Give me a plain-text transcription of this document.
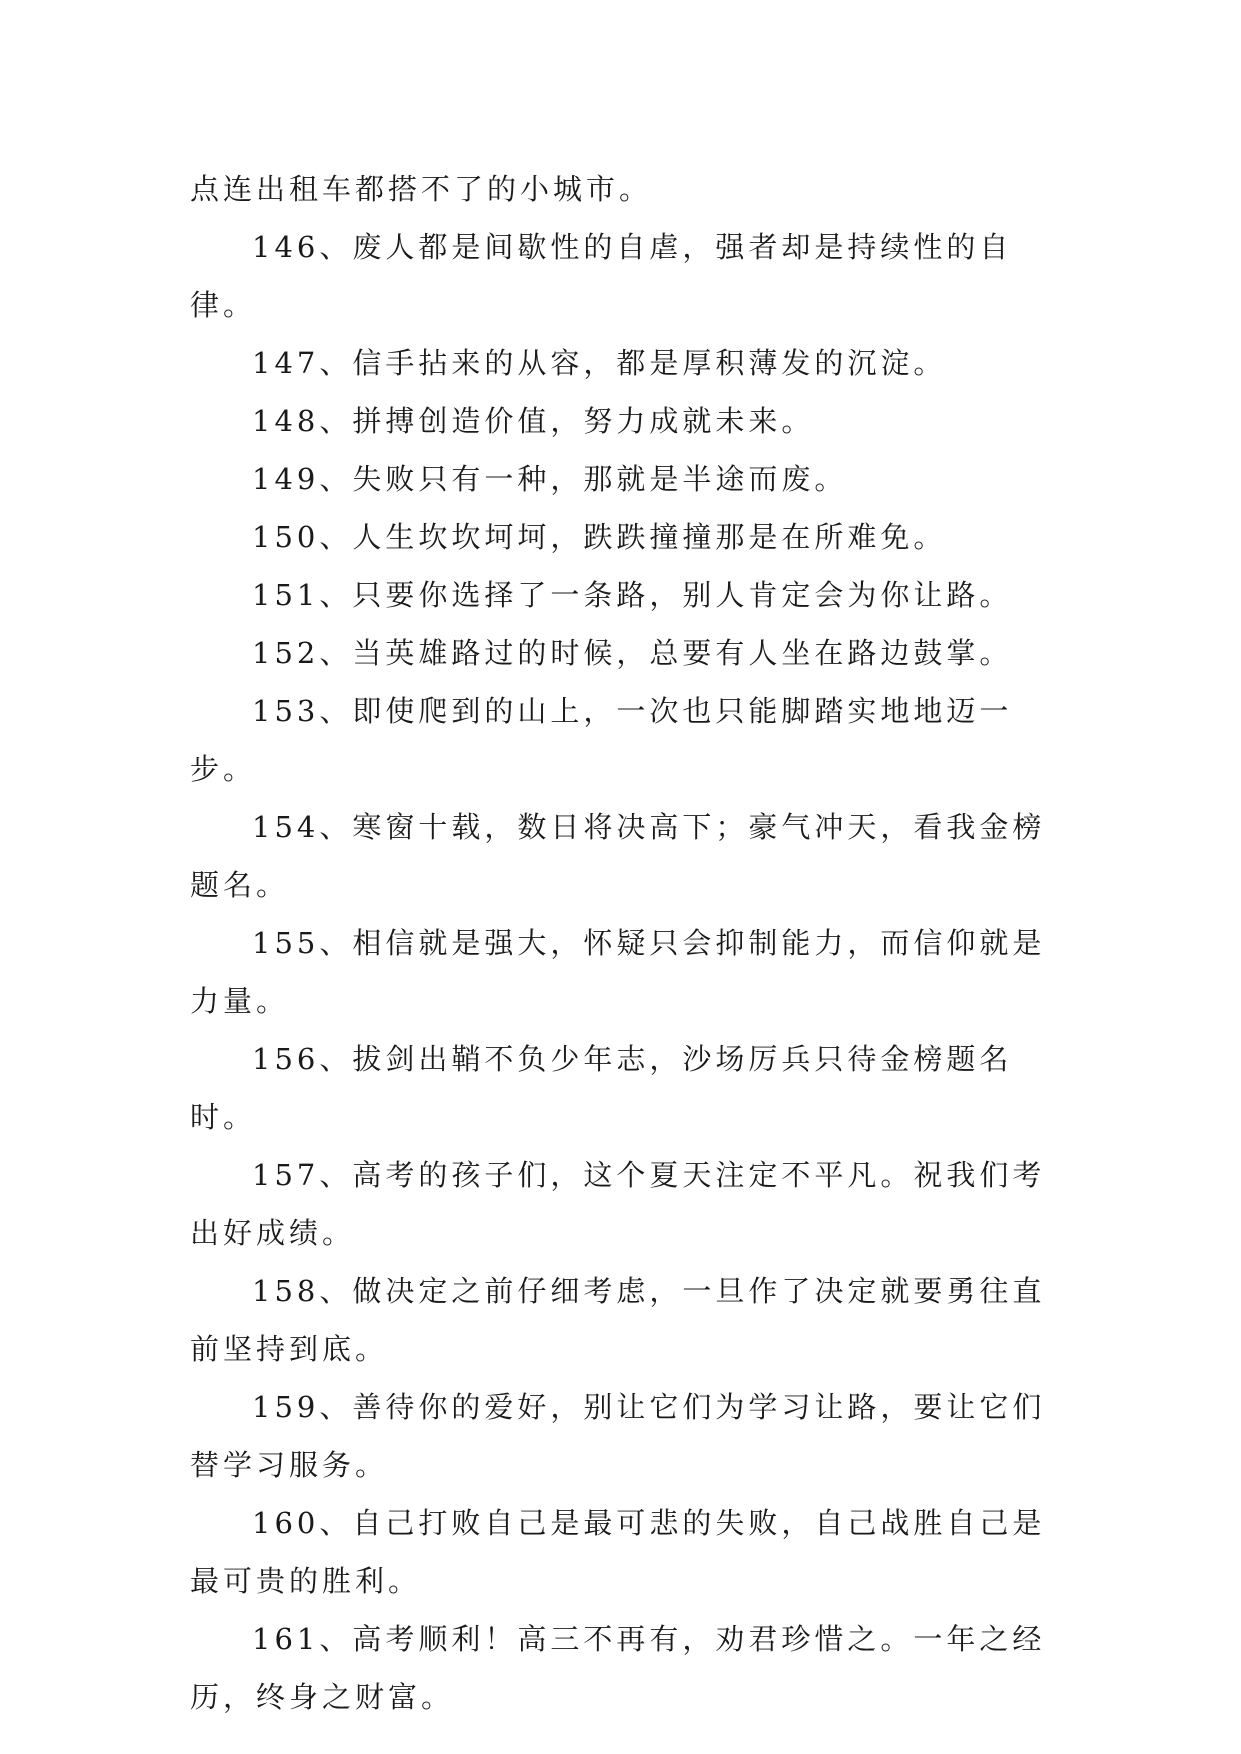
点连出租车都搭不了的小城市。

146、废人都是间歇性的自虐，强者却是持续性的自律。

147、信手拈来的从容，都是厚积薄发的沉淀。

148、拼搏创造价值，努力成就未来。

149、失败只有一种，那就是半途而废。

150、人生坎坎坷坷，跌跌撞撞那是在所难免。

151、只要你选择了一条路，别人肯定会为你让路。

152、当英雄路过的时候，总要有人坐在路边鼓掌。

153、即使爬到的山上，一次也只能脚踏实地地迈一步。

154、寒窗十载，数日将决高下；豪气冲天，看我金榜题名。

155、相信就是强大，怀疑只会抑制能力，而信仰就是力量。

156、拔剑出鞘不负少年志，沙场厉兵只待金榜题名时。

157、高考的孩子们，这个夏天注定不平凡。祝我们考出好成绩。

158、做决定之前仔细考虑，一旦作了决定就要勇往直前坚持到底。

159、善待你的爱好，别让它们为学习让路，要让它们替学习服务。

160、自己打败自己是最可悲的失败，自己战胜自己是最可贵的胜利。

161、高考顺利！高三不再有，劝君珍惜之。一年之经历，终身之财富。
